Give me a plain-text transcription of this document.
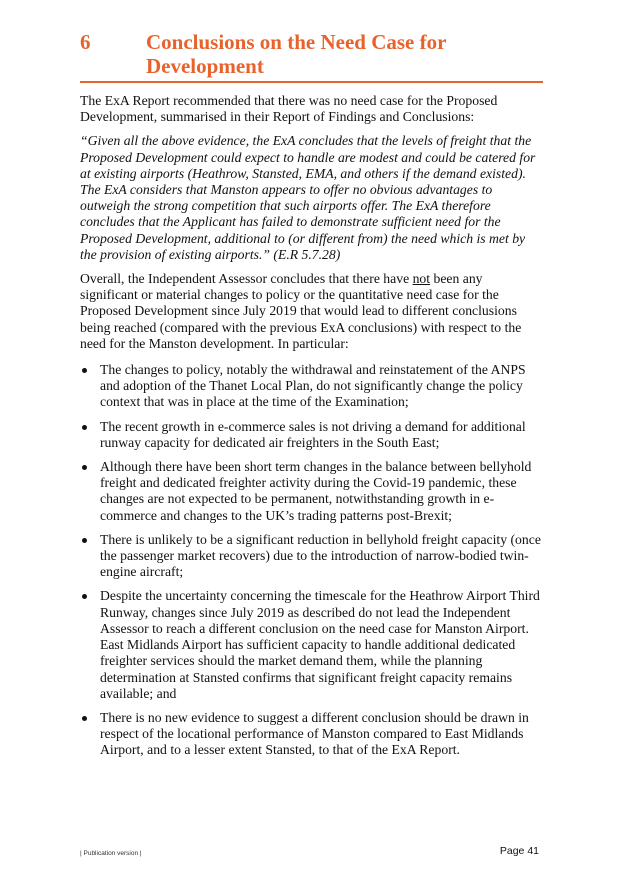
6	Conclusions on the Need Case for Development

The ExA Report recommended that there was no need case for the Proposed Development, summarised in their Report of Findings and Conclusions:

“Given all the above evidence, the ExA concludes that the levels of freight that the Proposed Development could expect to handle are modest and could be catered for at existing airports (Heathrow, Stansted, EMA, and others if the demand existed). The ExA considers that Manston appears to offer no obvious advantages to outweigh the strong competition that such airports offer. The ExA therefore concludes that the Applicant has failed to demonstrate sufficient need for the Proposed Development, additional to (or different from) the need which is met by the provision of existing airports.” (E.R 5.7.28)

Overall, the Independent Assessor concludes that there have not been any significant or material changes to policy or the quantitative need case for the Proposed Development since July 2019 that would lead to different conclusions being reached (compared with the previous ExA conclusions) with respect to the need for the Manston development. In particular:

The changes to policy, notably the withdrawal and reinstatement of the ANPS and adoption of the Thanet Local Plan, do not significantly change the policy context that was in place at the time of the Examination;
The recent growth in e-commerce sales is not driving a demand for additional runway capacity for dedicated air freighters in the South East;
Although there have been short term changes in the balance between bellyhold freight and dedicated freighter activity during the Covid-19 pandemic, these changes are not expected to be permanent, notwithstanding growth in e-commerce and changes to the UK’s trading patterns post-Brexit;
There is unlikely to be a significant reduction in bellyhold freight capacity (once the passenger market recovers) due to the introduction of narrow-bodied twin-engine aircraft;
Despite the uncertainty concerning the timescale for the Heathrow Airport Third Runway, changes since July 2019 as described do not lead the Independent Assessor to reach a different conclusion on the need case for Manston Airport. East Midlands Airport has sufficient capacity to handle additional dedicated freighter services should the market demand them, while the planning determination at Stansted confirms that significant freight capacity remains available; and
There is no new evidence to suggest a different conclusion should be drawn in respect of the locational performance of Manston compared to East Midlands Airport, and to a lesser extent Stansted, to that of the ExA Report.
| Publication version |	Page 41
